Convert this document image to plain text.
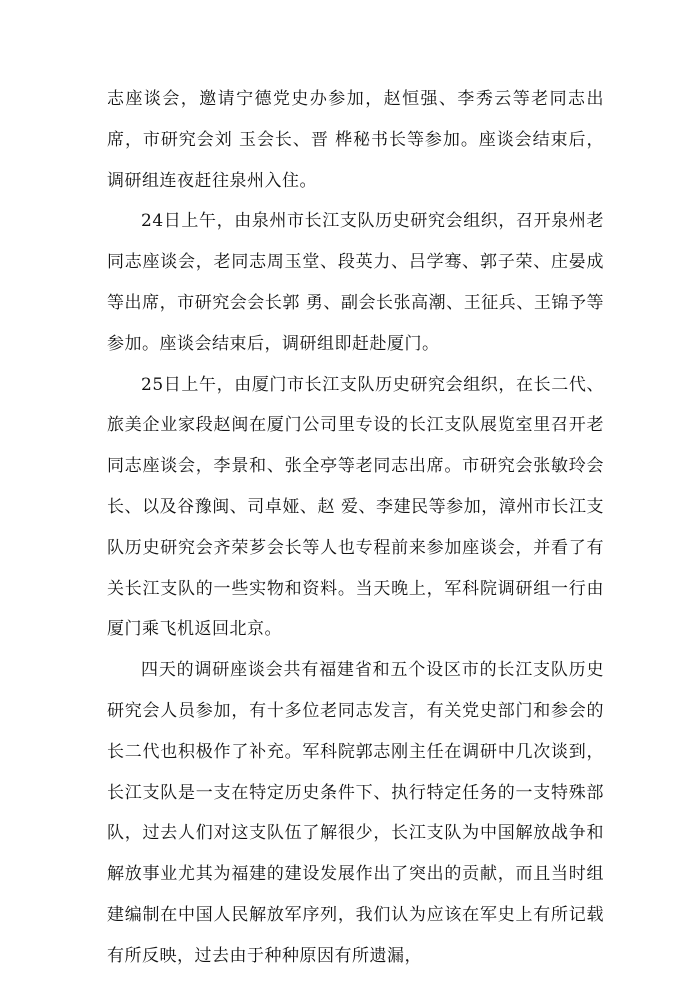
志座谈会，邀请宁德党史办参加，赵恒强、李秀云等老同志出席，市研究会刘 玉会长、晋 桦秘书长等参加。座谈会结束后，调研组连夜赶往泉州入住。

24日上午，由泉州市长江支队历史研究会组织，召开泉州老同志座谈会，老同志周玉堂、段英力、吕学骞、郭子荣、庄晏成等出席，市研究会会长郭 勇、副会长张高潮、王征兵、王锦予等参加。座谈会结束后，调研组即赶赴厦门。

25日上午，由厦门市长江支队历史研究会组织，在长二代、旅美企业家段赵闽在厦门公司里专设的长江支队展览室里召开老同志座谈会，李景和、张全亭等老同志出席。市研究会张敏玲会长、以及谷豫闽、司卓娅、赵 爱、李建民等参加，漳州市长江支队历史研究会齐荣芗会长等人也专程前来参加座谈会，并看了有关长江支队的一些实物和资料。当天晚上，军科院调研组一行由厦门乘飞机返回北京。

四天的调研座谈会共有福建省和五个设区市的长江支队历史研究会人员参加，有十多位老同志发言，有关党史部门和参会的长二代也积极作了补充。军科院郭志刚主任在调研中几次谈到，长江支队是一支在特定历史条件下、执行特定任务的一支特殊部队，过去人们对这支队伍了解很少，长江支队为中国解放战争和解放事业尤其为福建的建设发展作出了突出的贡献，而且当时组建编制在中国人民解放军序列，我们认为应该在军史上有所记载有所反映，过去由于种种原因有所遗漏，
